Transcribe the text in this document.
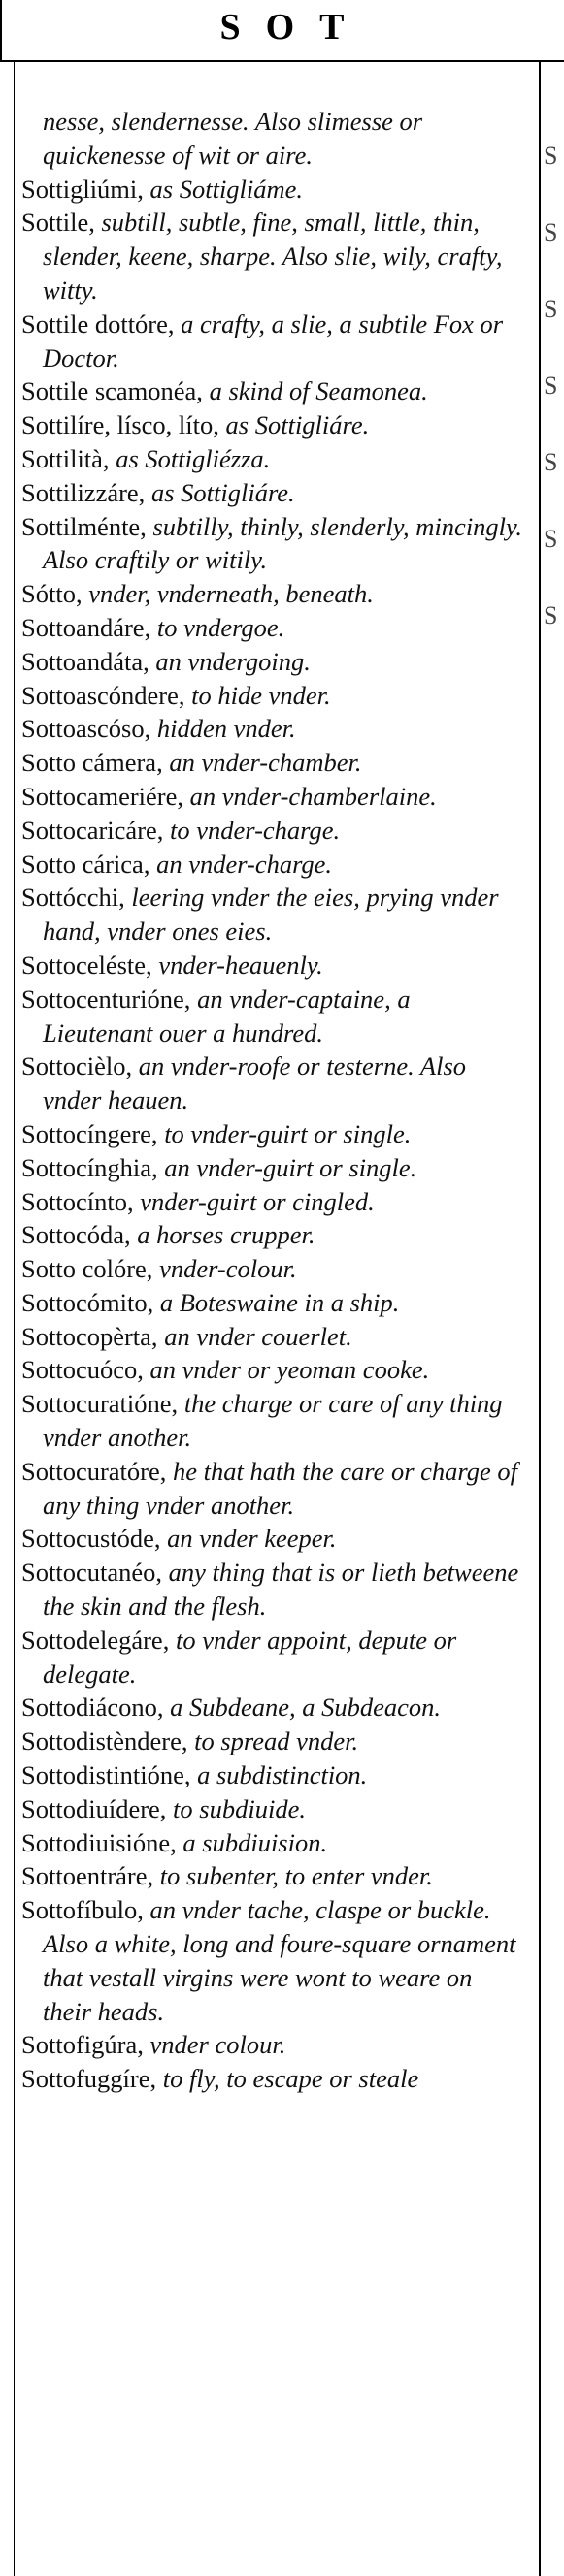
SOT
S
S
S
S
S
S
S
nesse, slendernesse. Also slimesse or quickenesse of wit or aire.
Sottigliúmi, as Sottigliáme.
Sottile, subtill, subtle, fine, small, little, thin, slender, keene, sharpe. Also slie, wily, crafty, witty.
Sottile dottóre, a crafty, a slie, a subtile Fox or Doctor.
Sottile scamonéa, a skind of Seamonea.
Sottilíre, lísco, líto, as Sottigliáre.
Sottilità, as Sottigliézza.
Sottilizzáre, as Sottigliáre.
Sottilménte, subtilly, thinly, slenderly, mincingly. Also craftily or witily.
Sótto, vnder, vnderneath, beneath.
Sottoandáre, to vndergoe.
Sottoandáta, an vndergoing.
Sottoascóndere, to hide vnder.
Sottoascóso, hidden vnder.
Sotto cámera, an vnder-chamber.
Sottocameriére, an vnder-chamberlaine.
Sottocaricáre, to vnder-charge.
Sotto cárica, an vnder-charge.
Sottócchi, leering vnder the eies, prying vnder hand, vnder ones eies.
Sottoceléste, vnder-heauenly.
Sottocenturióne, an vnder-captaine, a Lieutenant ouer a hundred.
Sottocièlo, an vnder-roofe or testerne. Also vnder heauen.
Sottocíngere, to vnder-guirt or single.
Sottocínghia, an vnder-guirt or single.
Sottocínto, vnder-guirt or cingled.
Sottocóda, a horses crupper.
Sotto colóre, vnder-colour.
Sottocómito, a Boteswaine in a ship.
Sottocopèrta, an vnder couerlet.
Sottocuóco, an vnder or yeoman cooke.
Sottocuratióne, the charge or care of any thing vnder another.
Sottocuratóre, he that hath the care or charge of any thing vnder another.
Sottocustóde, an vnder keeper.
Sottocutanéo, any thing that is or lieth betweene the skin and the flesh.
Sottodelegáre, to vnder appoint, depute or delegate.
Sottodiácono, a Subdeane, a Subdeacon.
Sottodistèndere, to spread vnder.
Sottodistintióne, a subdistinction.
Sottodiuídere, to subdiuide.
Sottodiuisióne, a subdiuision.
Sottoentráre, to subenter, to enter vnder.
Sottofíbulo, an vnder tache, claspe or buckle. Also a white, long and foure-square ornament that vestall virgins were wont to weare on their heads.
Sottofigúra, vnder colour.
Sottofuggíre, to fly, to escape or steale
